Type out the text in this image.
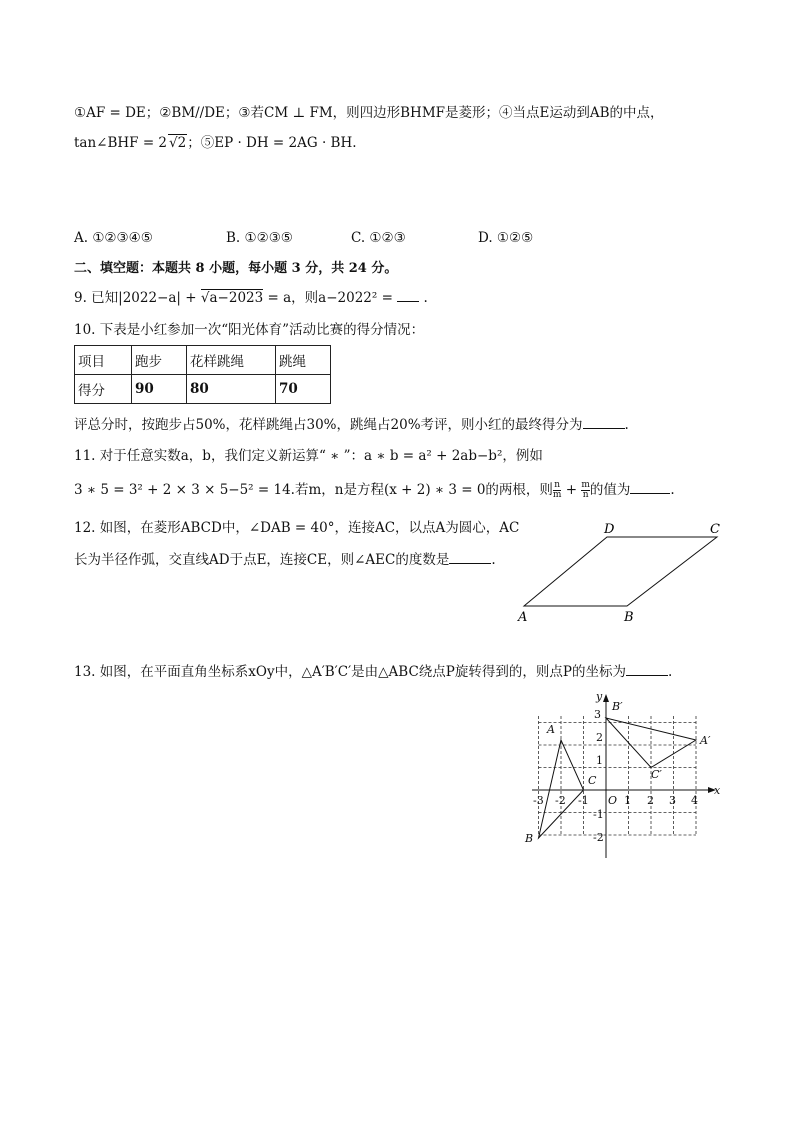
①AF = DE；②BM//DE；③若CM ⊥ FM，则四边形BHMF是菱形；④当点E运动到AB的中点，
tan∠BHF = 2 √2；⑤EP · DH = 2AG · BH.
A. ①②③④⑤	B. ①②③⑤	C. ①②③	D. ①②⑤
二、填空题：本题共 8 小题，每小题 3 分，共 24 分。
9. 已知|2022−a| + √a−2023 = a，则a−2022² =  .
10. 下表是小红参加一次“阳光体育”活动比赛的得分情况：
项目	跑步	花样跳绳	跳绳
得分	90	80	70
评总分时，按跑步占50%，花样跳绳占30%，跳绳占20%考评，则小红的最终得分为	.
11. 对于任意实数a，b，我们定义新运算“ ∗ ”：a ∗ b = a² + 2ab−b²，例如
3 ∗ 5 = 3² + 2 × 3 × 5−5² = 14.若m，n是方程(x + 2) ∗ 3 = 0的两根，则 $\frac{n}{m} + \frac{m}{n}$ 的值为	.
12. 如图，在菱形ABCD中，∠DAB = 40°，连接AC，以点A为圆心，AC
长为半径作弧，交直线AD于点E，连接CE，则∠AEC的度数是	.
A	B
C
D
13. 如图，在平面直角坐标系xOy中，△A′B′C′是由△ABC绕点P旋转得到的，则点P的坐标为	.
x
y
O
-3 -2 -1	1 2 3 4
3
2
1
-1
-2
A
B
C
A′
B′
C′
